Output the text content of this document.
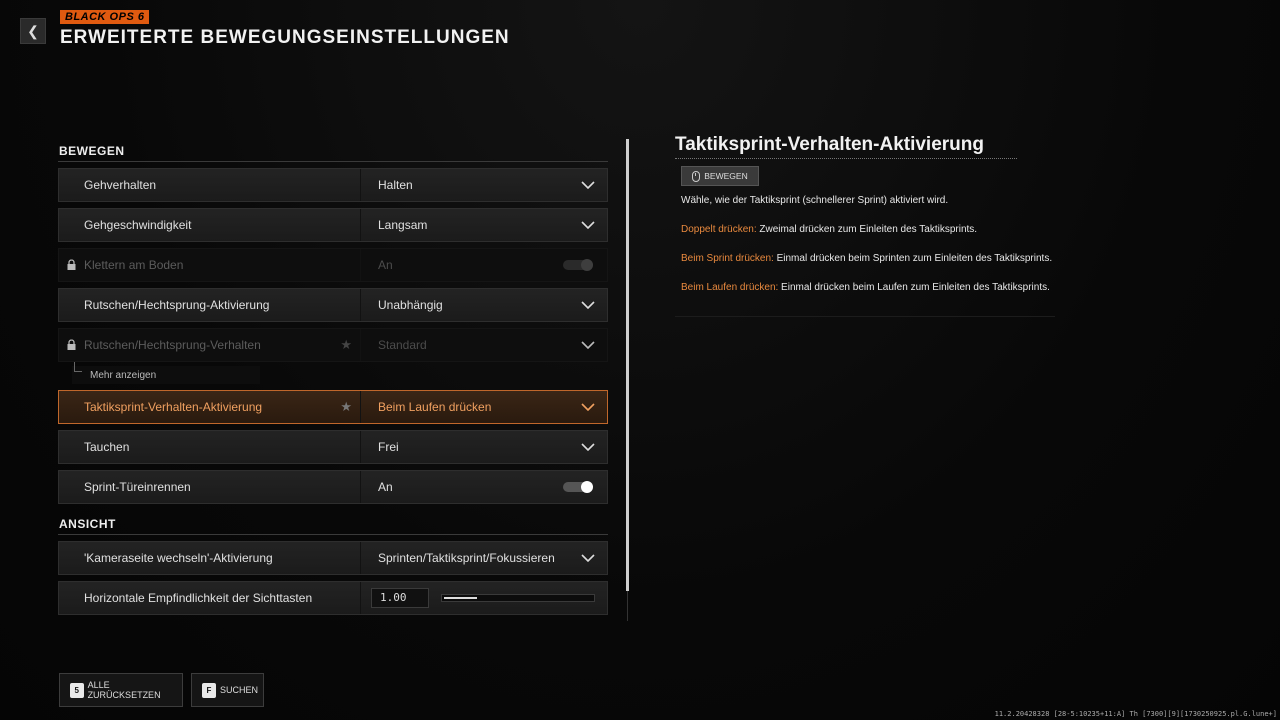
❮
BLACK OPS 6
ERWEITERTE BEWEGUNGSEINSTELLUNGEN
BEWEGEN
Gehverhalten	Halten
Gehgeschwindigkeit	Langsam
Klettern am Boden	An
Rutschen/Hechtsprung-Aktivierung	Unabhängig
Rutschen/Hechtsprung-Verhalten	★ Standard
Mehr anzeigen
Taktiksprint-Verhalten-Aktivierung	★ Beim Laufen drücken
Tauchen	Frei
Sprint-Türeinrennen	An
ANSICHT
'Kameraseite wechseln'-Aktivierung	Sprinten/Taktiksprint/Fokussieren
Horizontale Empfindlichkeit der Sichttasten	1.00
Taktiksprint-Verhalten-Aktivierung
BEWEGEN
Wähle, wie der Taktiksprint (schnellerer Sprint) aktiviert wird.
Doppelt drücken: Zweimal drücken zum Einleiten des Taktiksprints.
Beim Sprint drücken: Einmal drücken beim Sprinten zum Einleiten des Taktiksprints.
Beim Laufen drücken: Einmal drücken beim Laufen zum Einleiten des Taktiksprints.
5 ALLE ZURÜCKSETZEN	F SUCHEN
11.2.20428328 [28-5:10235+11:A] Th [7300][9][1730250925.pl.G.lune+]
